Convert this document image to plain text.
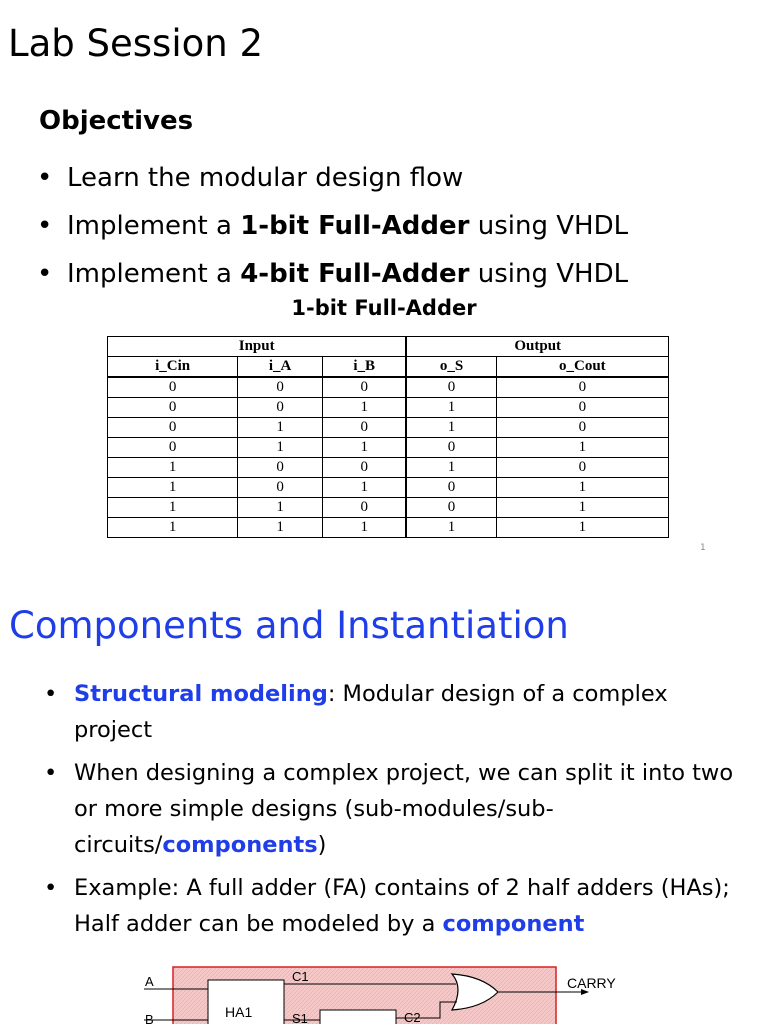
Lab Session 2
Objectives
• Learn the modular design flow
• Implement a 1-bit Full-Adder using VHDL
• Implement a 4-bit Full-Adder using VHDL
1-bit Full-Adder
Input			Output	
i_Cin	i_A	i_B	o_S	o_Cout
0	0	0	0	0
0	0	1	1	0
0	1	0	1	0
0	1	1	0	1
1	0	0	1	0
1	0	1	0	1
1	1	0	0	1
1	1	1	1	1
1
Components and Instantiation
• Structural modeling: Modular design of a complex project
• When designing a complex project, we can split it into two or more simple designs (sub-modules/sub-circuits/components)
• Example: A full adder (FA) contains of 2 half adders (HAs); Half adder can be modeled by a component
A
B	HA1
C1
S1	C2
CARRY
